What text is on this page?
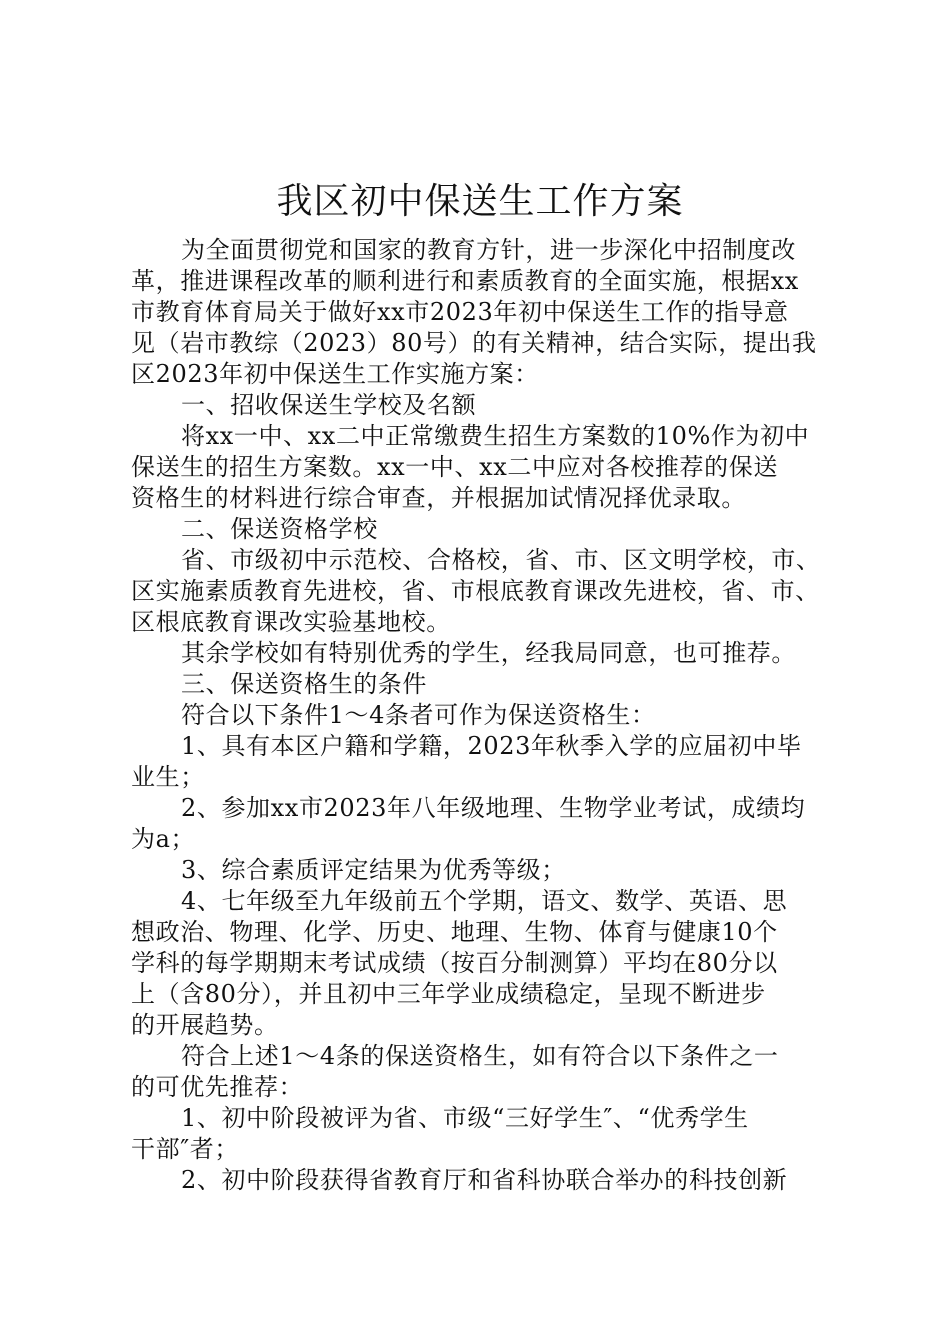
我区初中保送生工作方案
为全面贯彻党和国家的教育方针，进一步深化中招制度改
革，推进课程改革的顺利进行和素质教育的全面实施，根据xx
市教育体育局关于做好xx市2023年初中保送生工作的指导意
见（岩市教综（2023）80号）的有关精神，结合实际，提出我
区2023年初中保送生工作实施方案：
一、招收保送生学校及名额
将xx一中、xx二中正常缴费生招生方案数的10%作为初中
保送生的招生方案数。xx一中、xx二中应对各校推荐的保送
资格生的材料进行综合审查，并根据加试情况择优录取。
二、保送资格学校
省、市级初中示范校、合格校，省、市、区文明学校，市、
区实施素质教育先进校，省、市根底教育课改先进校，省、市、
区根底教育课改实验基地校。
其余学校如有特别优秀的学生，经我局同意，也可推荐。
三、保送资格生的条件
符合以下条件1～4条者可作为保送资格生：
1、具有本区户籍和学籍，2023年秋季入学的应届初中毕
业生；
2、参加xx市2023年八年级地理、生物学业考试，成绩均
为a；
3、综合素质评定结果为优秀等级；
4、七年级至九年级前五个学期，语文、数学、英语、思
想政治、物理、化学、历史、地理、生物、体育与健康10个
学科的每学期期末考试成绩（按百分制测算）平均在80分以
上（含80分），并且初中三年学业成绩稳定，呈现不断进步
的开展趋势。
符合上述1～4条的保送资格生，如有符合以下条件之一
的可优先推荐：
1、初中阶段被评为省、市级“三好学生″、“优秀学生
干部″者；
2、初中阶段获得省教育厅和省科协联合举办的科技创新
